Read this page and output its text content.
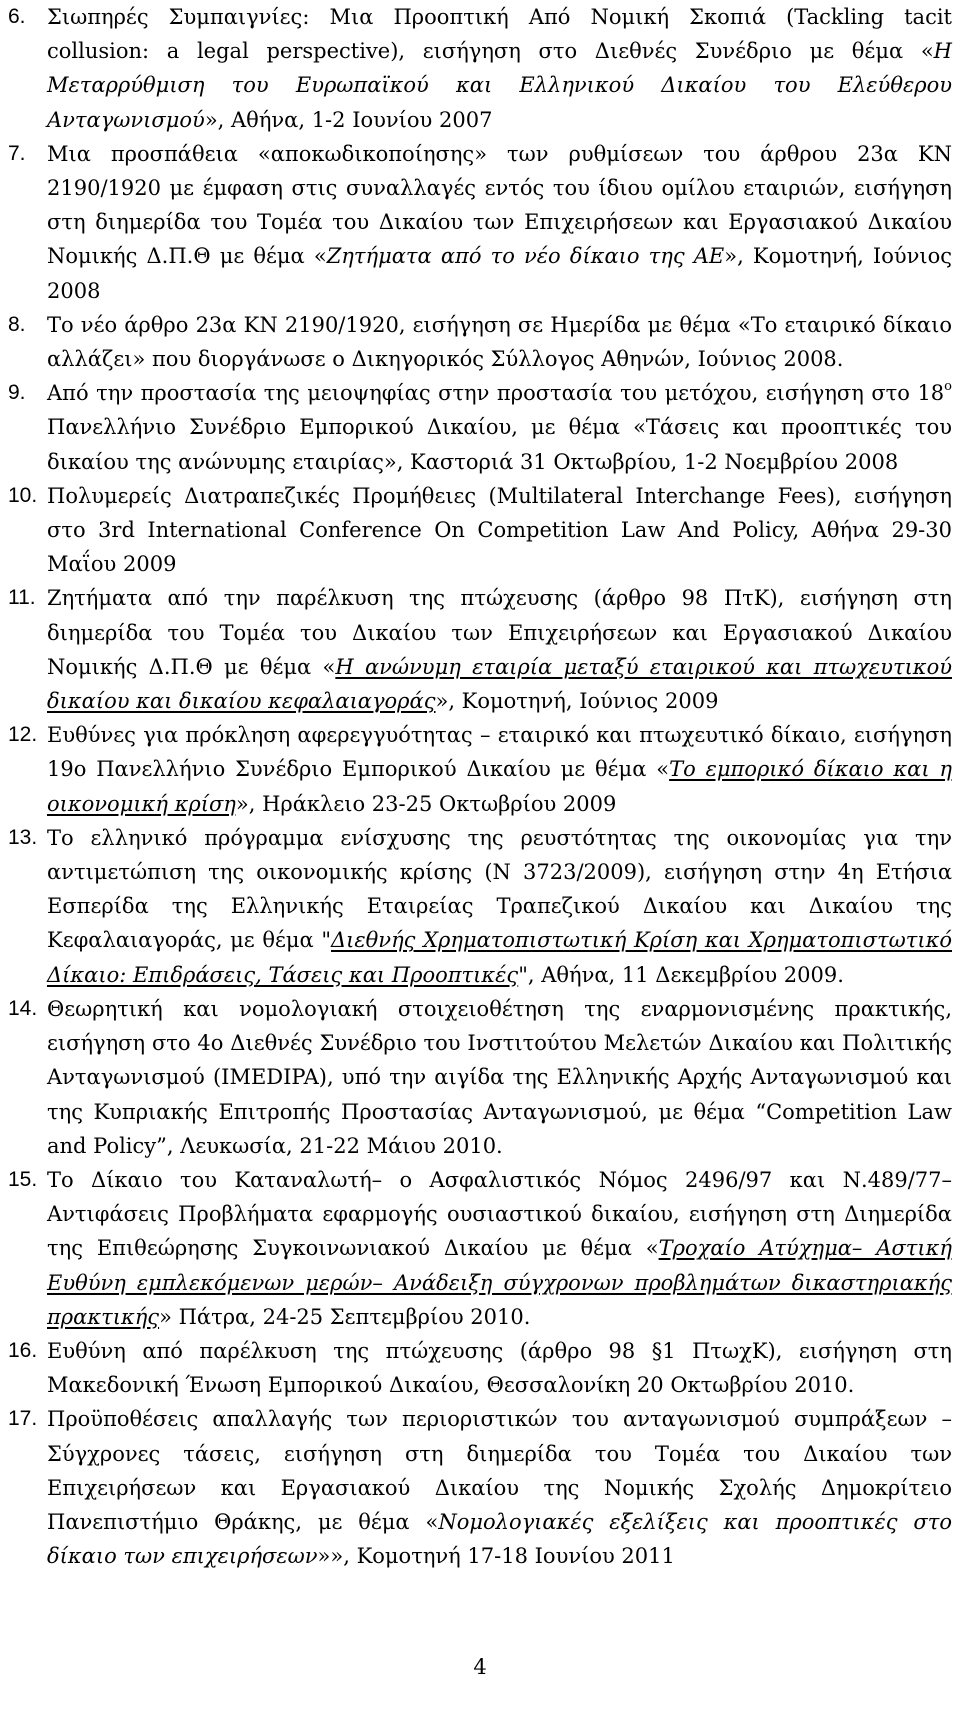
6.	Σιωπηρές Συμπαιγνίες: Μια Προοπτική Από Νομική Σκοπιά (Tackling tacit collusion: a legal perspective), εισήγηση στο Διεθνές Συνέδριο με θέμα «Η Μεταρρύθμιση του Ευρωπαϊκού και Ελληνικού Δικαίου του Ελεύθερου Ανταγωνισμού», Αθήνα, 1-2 Ιουνίου 2007
7.	Μια προσπάθεια «αποκωδικοποίησης» των ρυθμίσεων του άρθρου 23α ΚΝ 2190/1920 με έμφαση στις συναλλαγές εντός του ίδιου ομίλου εταιριών, εισήγηση στη διημερίδα του Τομέα του Δικαίου των Επιχειρήσεων και Εργασιακού Δικαίου Νομικής Δ.Π.Θ με θέμα «Ζητήματα από το νέο δίκαιο της ΑΕ», Κομοτηνή, Ιούνιος 2008
8.	Το νέο άρθρο 23α ΚΝ 2190/1920, εισήγηση σε Ημερίδα με θέμα «Το εταιρικό δίκαιο αλλάζει» που διοργάνωσε ο Δικηγορικός Σύλλογος Αθηνών, Ιούνιος 2008.
9.	Από την προστασία της μειοψηφίας στην προστασία του μετόχου, εισήγηση στο $18^o$ Πανελλήνιο Συνέδριο Εμπορικού Δικαίου, με θέμα «Τάσεις και προοπτικές του δικαίου της ανώνυμης εταιρίας», Καστοριά 31 Οκτωβρίου, 1-2 Νοεμβρίου 2008
10. Πολυμερείς Διατραπεζικές Προμήθειες (Multilateral Interchange Fees), εισήγηση στο 3rd International Conference On Competition Law And Policy, Αθήνα 29-30 Μαΐου 2009
11. Ζητήματα από την παρέλκυση της πτώχευσης (άρθρο 98 ΠτΚ), εισήγηση στη διημερίδα του Τομέα του Δικαίου των Επιχειρήσεων και Εργασιακού Δικαίου Νομικής Δ.Π.Θ με θέμα «Η ανώνυμη εταιρία μεταξύ εταιρικού και πτωχευτικού δικαίου και δικαίου κεφαλαιαγοράς», Κομοτηνή, Ιούνιος 2009
12. Ευθύνες για πρόκληση αφερεγγυότητας – εταιρικό και πτωχευτικό δίκαιο, εισήγηση 19ο Πανελλήνιο Συνέδριο Εμπορικού Δικαίου με θέμα «Το εμπορικό δίκαιο και η οικονομική κρίση», Ηράκλειο 23-25 Οκτωβρίου 2009
13. Το ελληνικό πρόγραμμα ενίσχυσης της ρευστότητας της οικονομίας για την αντιμετώπιση της οικονομικής κρίσης (Ν 3723/2009), εισήγηση στην 4η Ετήσια Εσπερίδα της Ελληνικής Εταιρείας Τραπεζικού Δικαίου και Δικαίου της Κεφαλαιαγοράς, με θέμα "Διεθνής Χρηματοπιστωτική Κρίση και Χρηματοπιστωτικό Δίκαιο: Επιδράσεις, Τάσεις και Προοπτικές", Αθήνα, 11 Δεκεμβρίου 2009.
14. Θεωρητική και νομολογιακή στοιχειοθέτηση της εναρμονισμένης πρακτικής, εισήγηση στο 4ο Διεθνές Συνέδριο του Ινστιτούτου Μελετών Δικαίου και Πολιτικής Ανταγωνισμού (IMEDIPA), υπό την αιγίδα της Ελληνικής Αρχής Ανταγωνισμού και της Κυπριακής Επιτροπής Προστασίας Ανταγωνισμού, με θέμα “Competition Law and Policy”, Λευκωσία, 21-22 Μάιου 2010.
15. Το Δίκαιο του Καταναλωτή– ο Ασφαλιστικός Νόμος 2496/97 και Ν.489/77– Αντιφάσεις Προβλήματα εφαρμογής ουσιαστικού δικαίου, εισήγηση στη Διημερίδα της Επιθεώρησης Συγκοινωνιακού Δικαίου με θέμα «Τροχαίο Ατύχημα– Αστική Ευθύνη εμπλεκόμενων μερών– Ανάδειξη σύγχρονων προβλημάτων δικαστηριακής πρακτικής» Πάτρα, 24-25 Σεπτεμβρίου 2010.
16. Ευθύνη από παρέλκυση της πτώχευσης (άρθρο 98 §1 ΠτωχΚ), εισήγηση στη Μακεδονική Ένωση Εμπορικού Δικαίου, Θεσσαλονίκη 20 Οκτωβρίου 2010.
17. Προϋποθέσεις απαλλαγής των περιοριστικών του ανταγωνισμού συμπράξεων – Σύγχρονες τάσεις, εισήγηση στη διημερίδα του Τομέα του Δικαίου των Επιχειρήσεων και Εργασιακού Δικαίου της Νομικής Σχολής Δημοκρίτειο Πανεπιστήμιο Θράκης, με θέμα «Νομολογιακές εξελίξεις και προοπτικές στο δίκαιο των επιχειρήσεων»», Κομοτηνή 17-18 Ιουνίου 2011
4
